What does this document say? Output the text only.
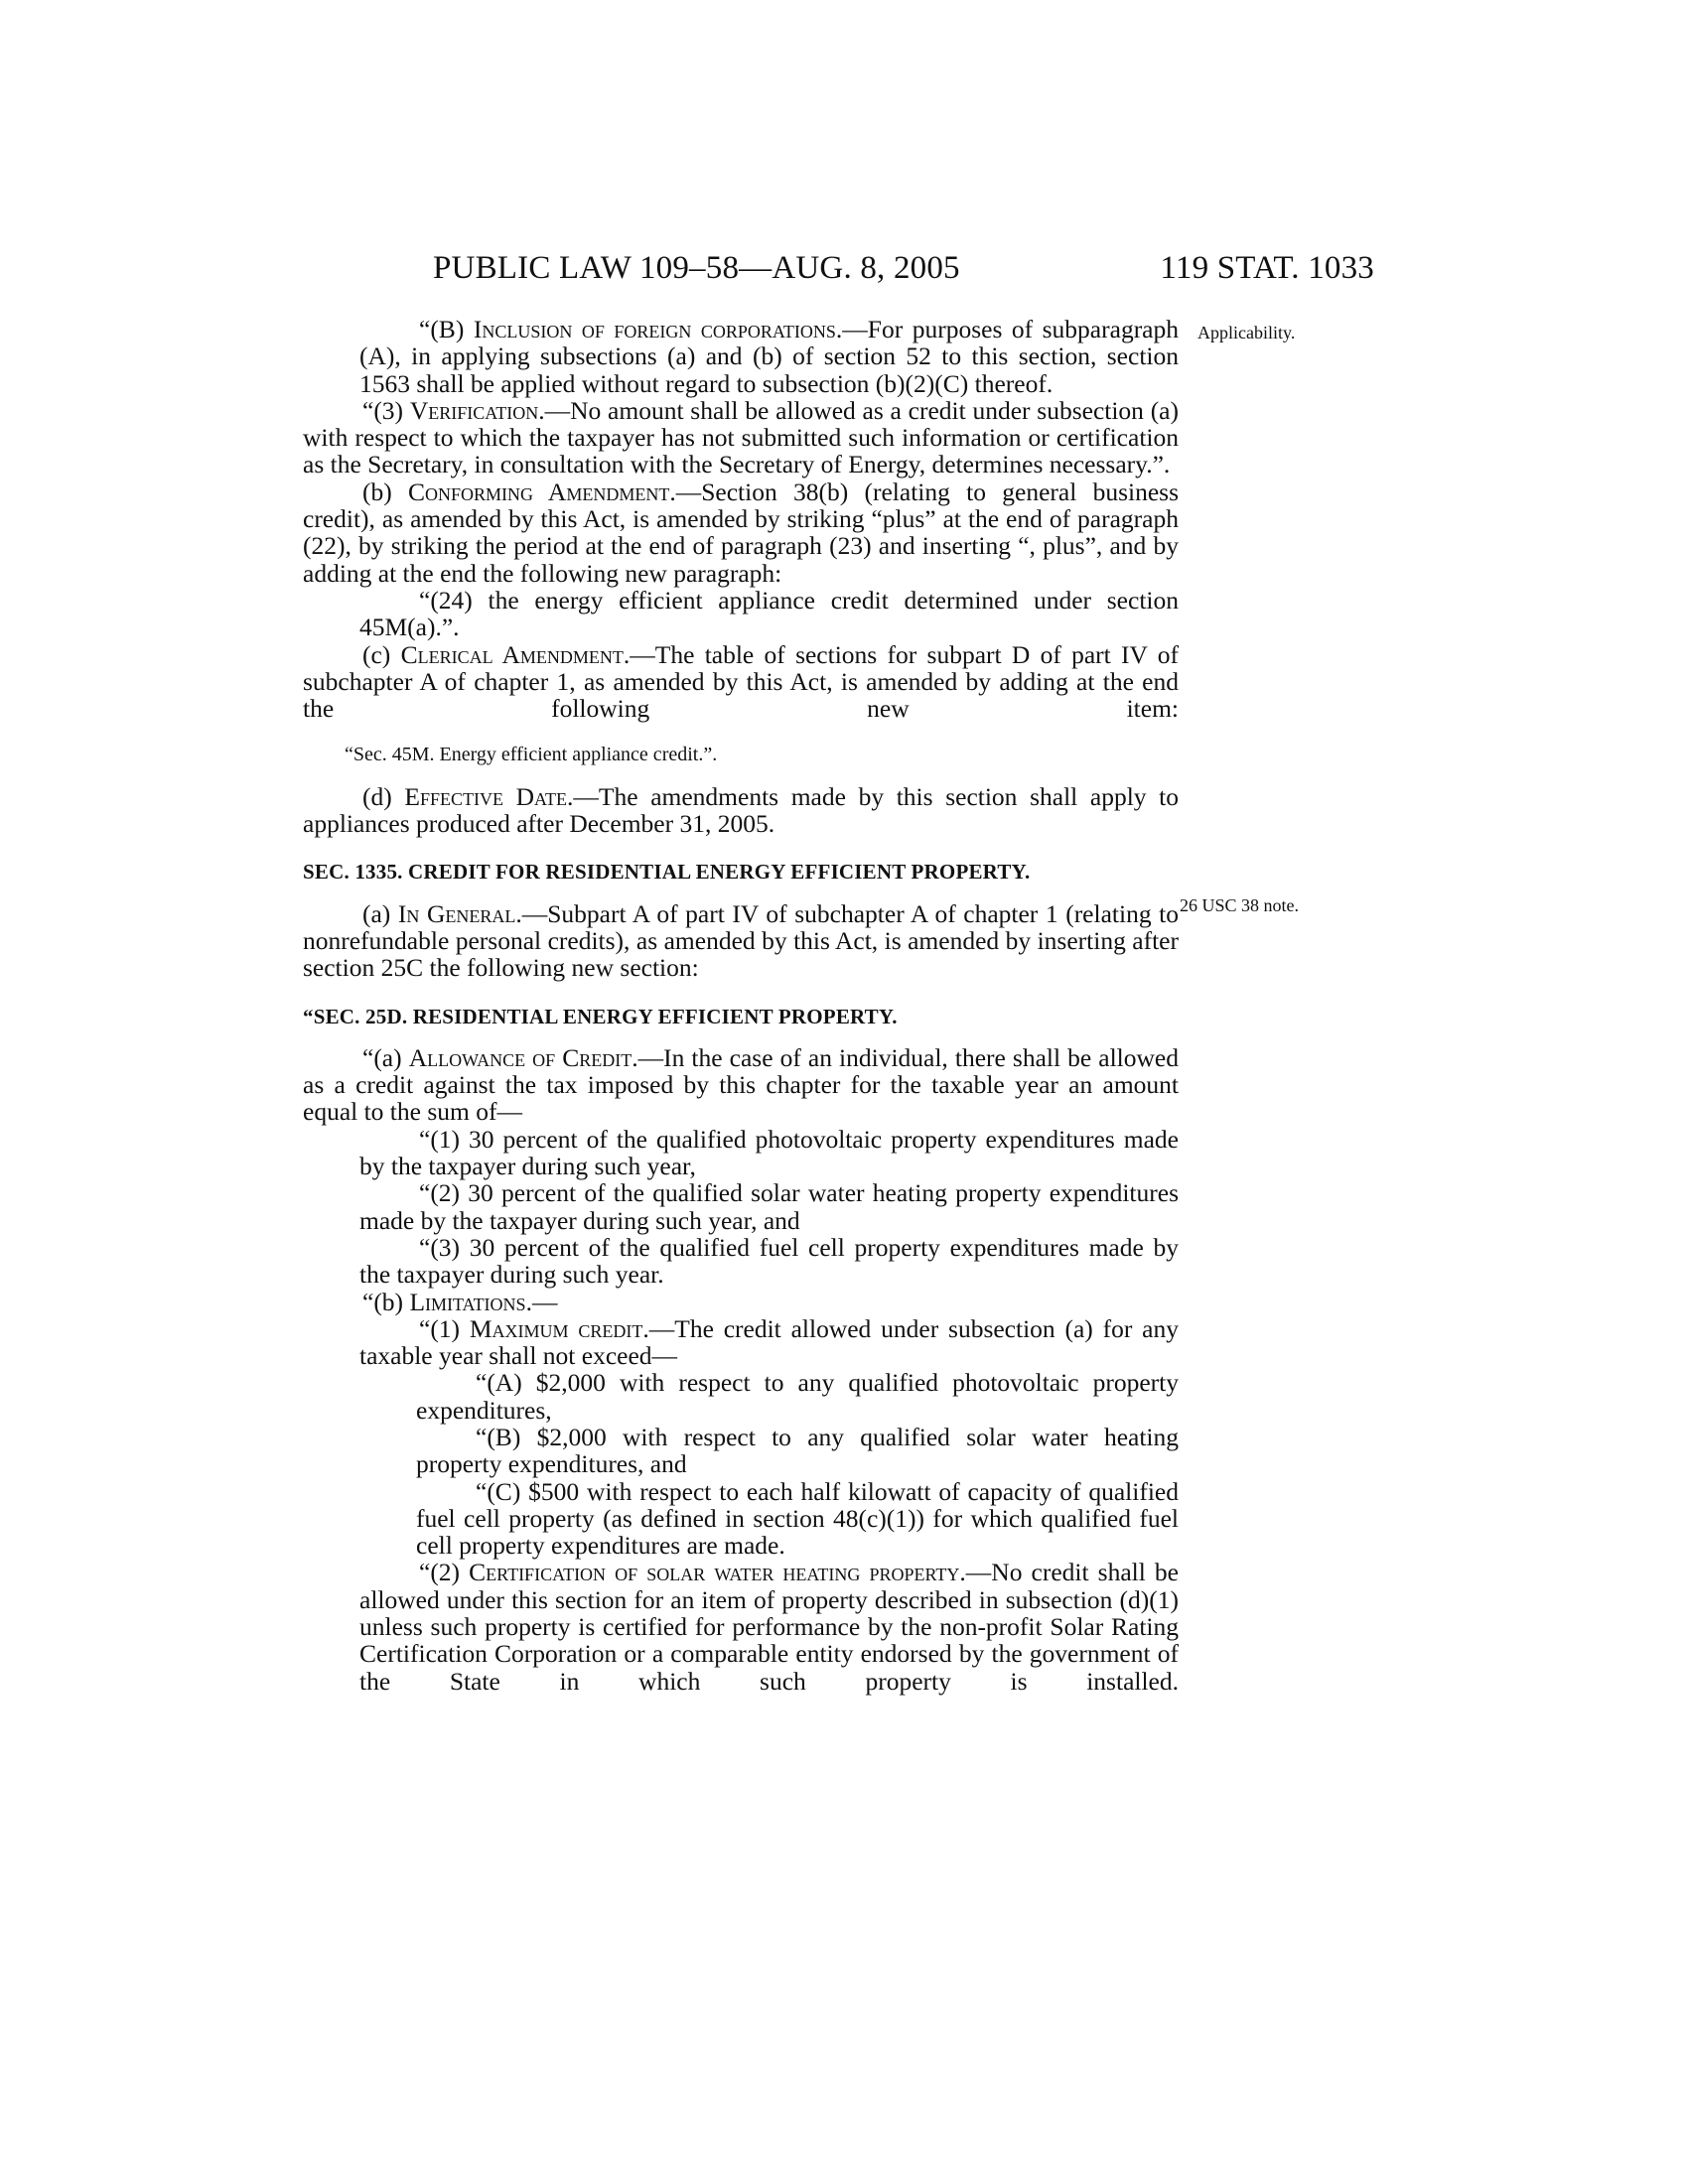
PUBLIC LAW 109–58—AUG. 8, 2005	119 STAT. 1033
Applicability.
26 USC 38 note.

“(B) Inclusion of foreign corporations.—For purposes of subparagraph (A), in applying subsections (a) and (b) of section 52 to this section, section 1563 shall be applied without regard to subsection (b)(2)(C) thereof.

“(3) Verification.—No amount shall be allowed as a credit under subsection (a) with respect to which the taxpayer has not submitted such information or certification as the Secretary, in consultation with the Secretary of Energy, determines necessary.”.

(b) Conforming Amendment.—Section 38(b) (relating to general business credit), as amended by this Act, is amended by striking “plus” at the end of paragraph (22), by striking the period at the end of paragraph (23) and inserting “, plus”, and by adding at the end the following new paragraph:

“(24) the energy efficient appliance credit determined under section 45M(a).”.

(c) Clerical Amendment.—The table of sections for subpart D of part IV of subchapter A of chapter 1, as amended by this Act, is amended by adding at the end the following new item:

“Sec. 45M. Energy efficient appliance credit.”.

(d) Effective Date.—The amendments made by this section shall apply to appliances produced after December 31, 2005.

SEC. 1335. CREDIT FOR RESIDENTIAL ENERGY EFFICIENT PROPERTY.

(a) In General.—Subpart A of part IV of subchapter A of chapter 1 (relating to nonrefundable personal credits), as amended by this Act, is amended by inserting after section 25C the following new section:

“SEC. 25D. RESIDENTIAL ENERGY EFFICIENT PROPERTY.

“(a) Allowance of Credit.—In the case of an individual, there shall be allowed as a credit against the tax imposed by this chapter for the taxable year an amount equal to the sum of—

“(1) 30 percent of the qualified photovoltaic property expenditures made by the taxpayer during such year,

“(2) 30 percent of the qualified solar water heating property expenditures made by the taxpayer during such year, and

“(3) 30 percent of the qualified fuel cell property expenditures made by the taxpayer during such year.

“(b) Limitations.—

“(1) Maximum credit.—The credit allowed under subsection (a) for any taxable year shall not exceed—

“(A) $2,000 with respect to any qualified photovoltaic property expenditures,

“(B) $2,000 with respect to any qualified solar water heating property expenditures, and

“(C) $500 with respect to each half kilowatt of capacity of qualified fuel cell property (as defined in section 48(c)(1)) for which qualified fuel cell property expenditures are made.

“(2) Certification of solar water heating property.—No credit shall be allowed under this section for an item of property described in subsection (d)(1) unless such property is certified for performance by the non-profit Solar Rating Certification Corporation or a comparable entity endorsed by the government of the State in which such property is installed.
